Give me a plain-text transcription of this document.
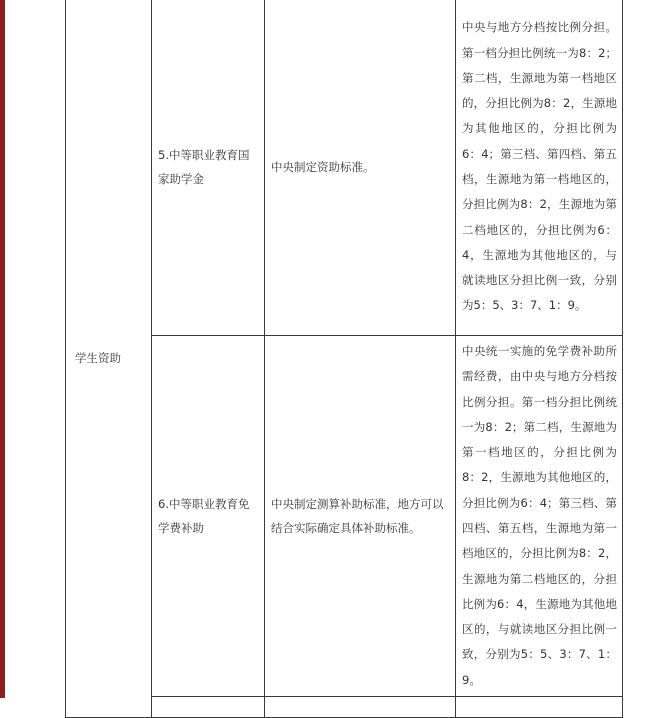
学生资助	5.中等职业教育国家助学金	中央制定资助标准。	中央与地方分档按比例分担。第一档分担比例统一为8：2；第二档，生源地为第一档地区的，分担比例为8：2，生源地为其他地区的，分担比例为6：4；第三档、第四档、第五档，生源地为第一档地区的，分担比例为8：2，生源地为第二档地区的，分担比例为6：4，生源地为其他地区的，与就读地区分担比例一致，分别为5：5、3：7、1：9。

	6.中等职业教育免学费补助	中央制定测算补助标准，地方可以结合实际确定具体补助标准。	中央统一实施的免学费补助所需经费，由中央与地方分档按比例分担。第一档分担比例统一为8：2；第二档，生源地为第一档地区的，分担比例为8：2，生源地为其他地区的，分担比例为6：4；第三档、第四档、第五档，生源地为第一档地区的，分担比例为8：2，生源地为第二档地区的，分担比例为6：4，生源地为其他地区的，与就读地区分担比例一致，分别为5：5、3：7、1：9。
